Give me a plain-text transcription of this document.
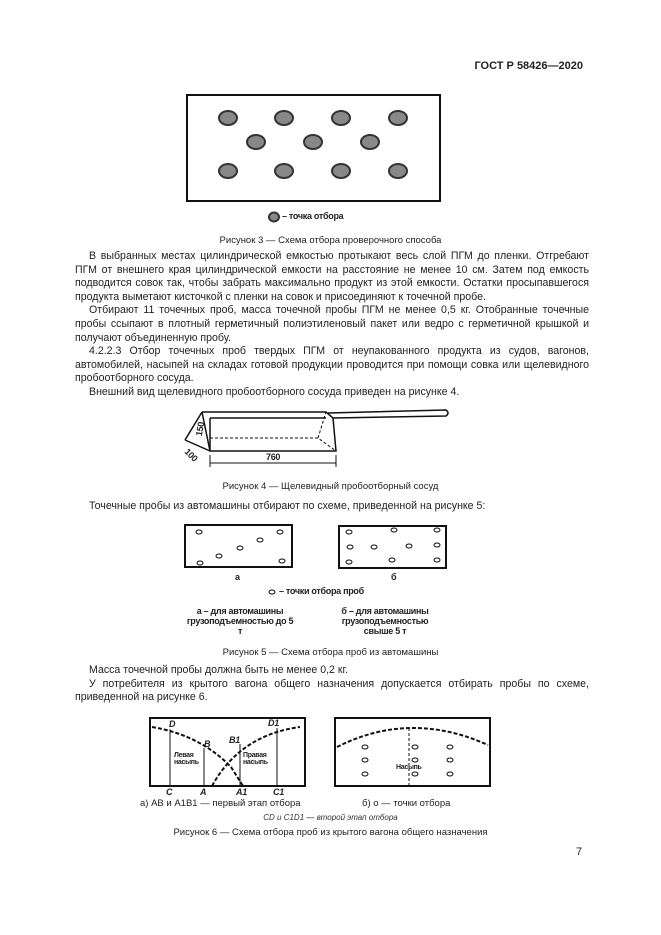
ГОСТ Р 58426—2020
– точка отбора
Рисунок 3 — Схема отбора проверочного способа

В выбранных местах цилиндрической емкостью протыкают весь слой ПГМ до пленки. Отгребают ПГМ от внешнего края цилиндрической емкости на расстояние не менее 10 см. Затем под емкость подводится совок так, чтобы забрать максимально продукт из этой емкости. Остатки просыпавшегося продукта выметают кисточкой с пленки на совок и присоединяют к точечной пробе.

Отбирают 11 точечных проб, масса точечной пробы ПГМ не менее 0,5 кг. Отобранные точечные пробы ссыпают в плотный герметичный полиэтиленовый пакет или ведро с герметичной крышкой и получают объединенную пробу.

4.2.2.3 Отбор точечных проб твердых ПГМ от неупакованного продукта из судов, вагонов, автомобилей, насыпей на складах готовой продукции проводится при помощи совка или щелевидного пробоотборного сосуда.

Внешний вид щелевидного пробоотборного сосуда приведен на рисунке 4.

150
100	760
Рисунок 4 — Щелевидный пробоотборный сосуд

Точечные пробы из автомашины отбирают по схеме, приведенной на рисунке 5:

а	б
– точки отбора проб
а – для автомашины
грузоподъемностью до 5 т
б – для автомашины
грузоподъемностью
свыше 5 т
Рисунок 5 — Схема отбора проб из автомашины

Масса точечной пробы должна быть не менее 0,2 кг.

У потребителя из крытого вагона общего назначения допускается отбирать пробы по схеме, приведенной на рисунке 6.

D	D1
B B1
C	A	A1	C1
Левая
насыпь
Правая
насыпь
Насыпь
а) АВ и А1В1 — первый этап отбора	б) о — точки отбора
CD и C1D1 — второй этап отбора
Рисунок 6 — Схема отбора проб из крытого вагона общего назначения
7
